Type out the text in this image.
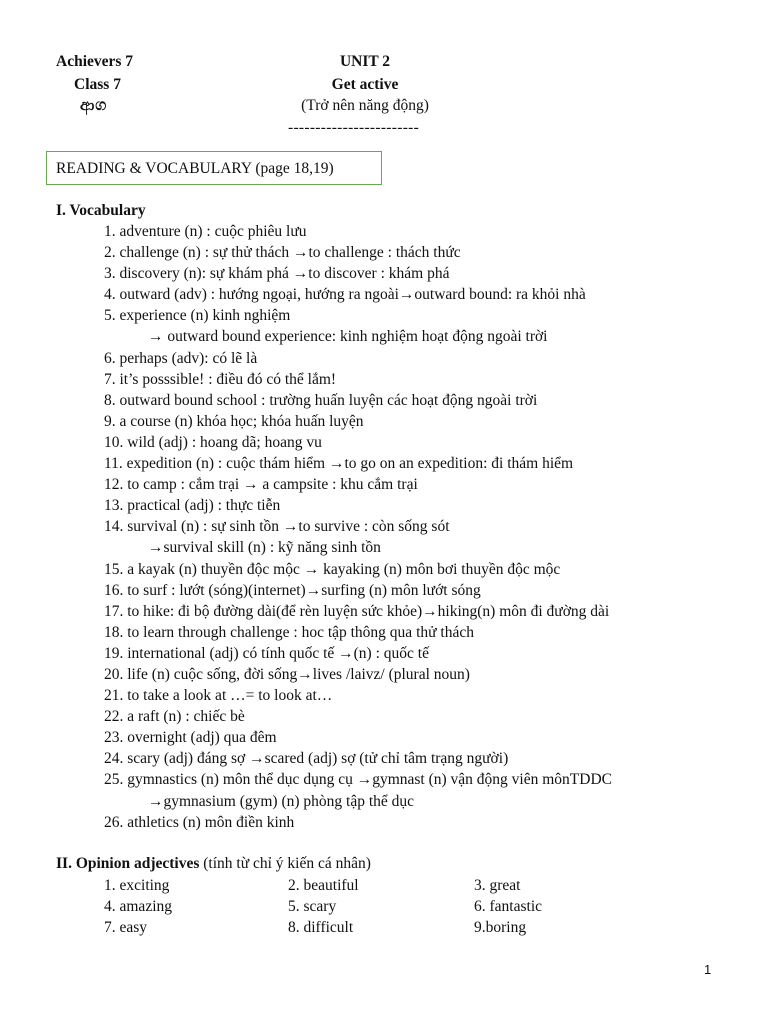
Achievers 7
Class 7
ආග
UNIT 2
Get active
(Trở nên năng động)
------------------------
READING & VOCABULARY (page 18,19)
I. Vocabulary
1. adventure (n) : cuộc phiêu lưu
2. challenge (n) : sự thử thách →to challenge : thách thức
3. discovery (n): sự khám phá →to discover : khám phá
4. outward (adv) : hướng ngoại, hướng ra ngoài→outward bound: ra khỏi nhà
5. experience (n) kinh nghiệm
→ outward bound experience: kinh nghiệm hoạt động ngoài trời
6. perhaps (adv): có lẽ là
7. it’s posssible! : điều đó có thể lắm!
8. outward bound school : trường huấn luyện các hoạt động ngoài trời
9. a course (n) khóa học; khóa huấn luyện
10. wild (adj) : hoang dã; hoang vu
11. expedition (n) : cuộc thám hiểm →to go on an expedition: đi thám hiểm
12. to camp : cắm trại → a campsite : khu cắm trại
13. practical (adj) : thực tiễn
14. survival (n) : sự sinh tồn →to survive : còn sống sót
→survival skill (n) : kỹ năng sinh tồn
15. a kayak (n) thuyền độc mộc → kayaking (n) môn bơi thuyền độc mộc
16. to surf : lướt (sóng)(internet)→surfing (n) môn lướt sóng
17. to hike: đi bộ đường dài(để rèn luyện sức khỏe)→hiking(n) môn đi đường dài
18. to learn through challenge : hoc tập thông qua thử thách
19. international (adj) có tính quốc tế →(n) : quốc tế
20. life (n) cuộc sống, đời sống→lives /laivz/ (plural noun)
21. to take a look at …= to look at…
22. a raft (n) : chiếc bè
23. overnight (adj) qua đêm
24. scary (adj) đáng sợ →scared (adj) sợ (tử chỉ tâm trạng người)
25. gymnastics (n) môn thể dục dụng cụ →gymnast (n) vận động viên mônTDDC
→gymnasium (gym) (n) phòng tập thể dục
26. athletics (n) môn điền kinh
II. Opinion adjectives (tính từ chỉ ý kiến cá nhân)
1. exciting	2. beautiful	3. great
4. amazing	5. scary	6. fantastic
7. easy	8. difficult	9.boring
1
